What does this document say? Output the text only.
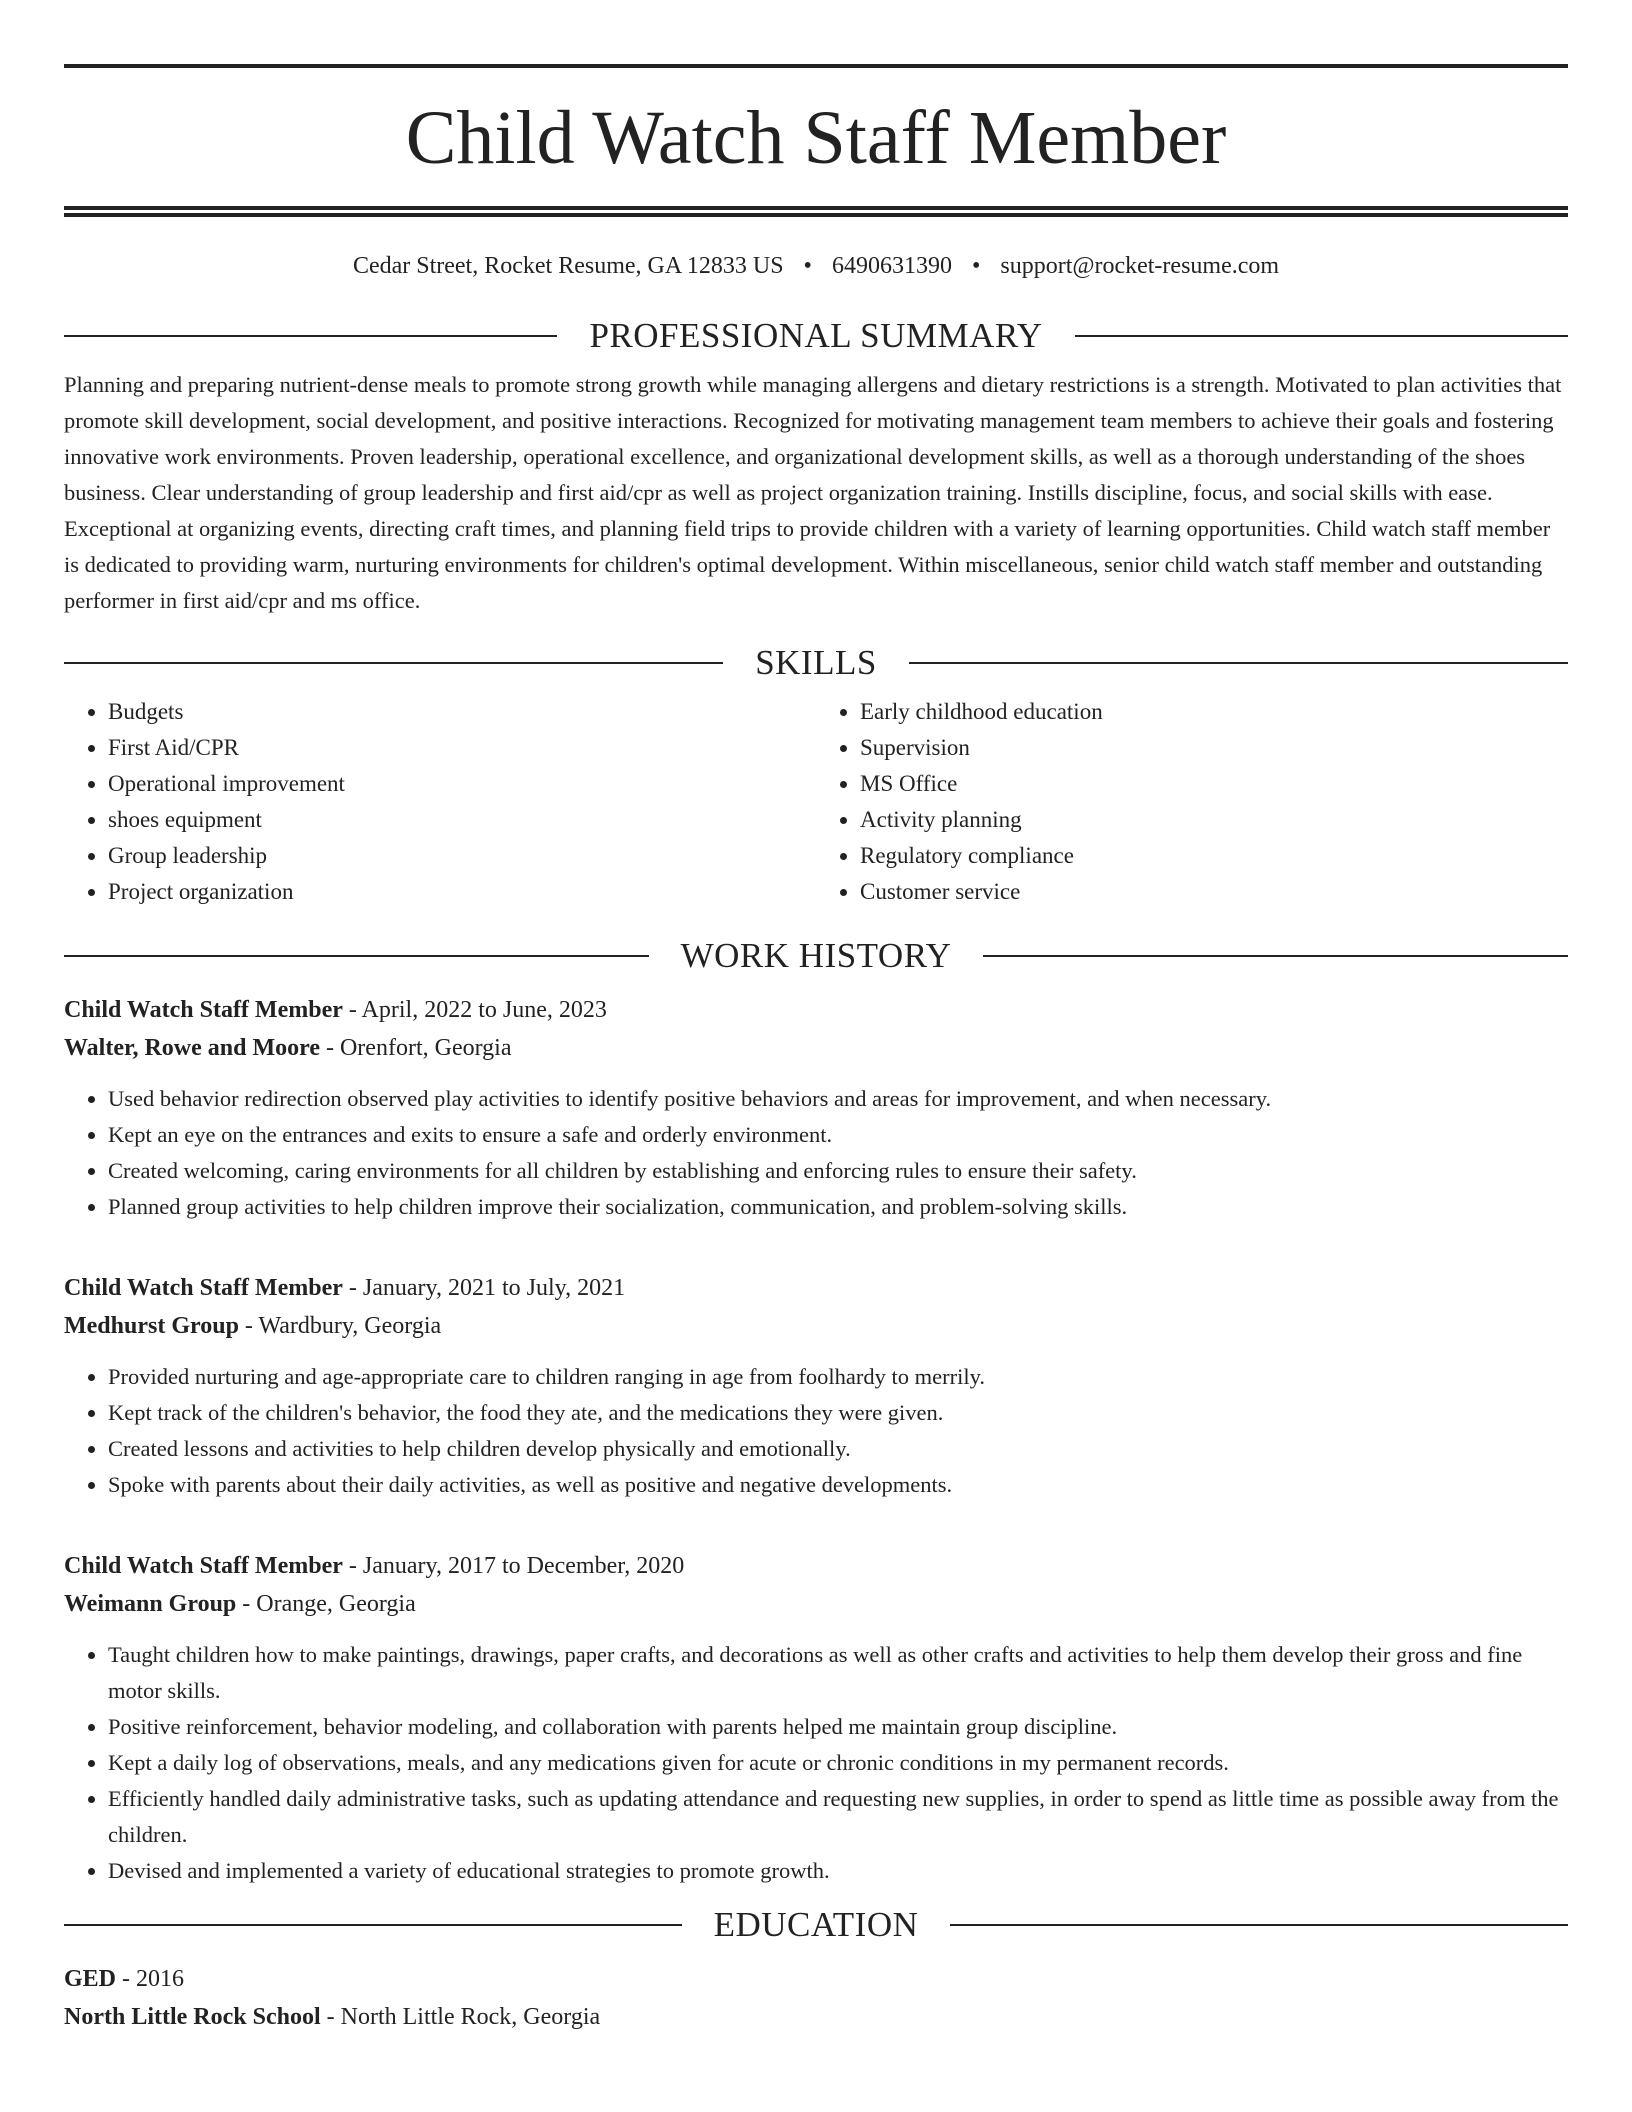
Child Watch Staff Member
Cedar Street, Rocket Resume, GA 12833 US • 6490631390 • support@rocket-resume.com
PROFESSIONAL SUMMARY

Planning and preparing nutrient-dense meals to promote strong growth while managing allergens and dietary restrictions is a strength. Motivated to plan activities that promote skill development, social development, and positive interactions. Recognized for motivating management team members to achieve their goals and fostering innovative work environments. Proven leadership, operational excellence, and organizational development skills, as well as a thorough understanding of the shoes business. Clear understanding of group leadership and first aid/cpr as well as project organization training. Instills discipline, focus, and social skills with ease. Exceptional at organizing events, directing craft times, and planning field trips to provide children with a variety of learning opportunities. Child watch staff member is dedicated to providing warm, nurturing environments for children's optimal development. Within miscellaneous, senior child watch staff member and outstanding performer in first aid/cpr and ms office.

SKILLS
• Budgets
• First Aid/CPR
• Operational improvement
• shoes equipment
• Group leadership
• Project organization
• Early childhood education
• Supervision
• MS Office
• Activity planning
• Regulatory compliance
• Customer service
WORK HISTORY
Child Watch Staff Member - April, 2022 to June, 2023
Walter, Rowe and Moore - Orenfort, Georgia
• Used behavior redirection observed play activities to identify positive behaviors and areas for improvement, and when necessary.
• Kept an eye on the entrances and exits to ensure a safe and orderly environment.
• Created welcoming, caring environments for all children by establishing and enforcing rules to ensure their safety.
• Planned group activities to help children improve their socialization, communication, and problem-solving skills.
Child Watch Staff Member - January, 2021 to July, 2021
Medhurst Group - Wardbury, Georgia
• Provided nurturing and age-appropriate care to children ranging in age from foolhardy to merrily.
• Kept track of the children's behavior, the food they ate, and the medications they were given.
• Created lessons and activities to help children develop physically and emotionally.
• Spoke with parents about their daily activities, as well as positive and negative developments.
Child Watch Staff Member - January, 2017 to December, 2020
Weimann Group - Orange, Georgia
• Taught children how to make paintings, drawings, paper crafts, and decorations as well as other crafts and activities to help them develop their gross and fine motor skills.
• Positive reinforcement, behavior modeling, and collaboration with parents helped me maintain group discipline.
• Kept a daily log of observations, meals, and any medications given for acute or chronic conditions in my permanent records.
• Efficiently handled daily administrative tasks, such as updating attendance and requesting new supplies, in order to spend as little time as possible away from the children.
• Devised and implemented a variety of educational strategies to promote growth.
EDUCATION
GED - 2016
North Little Rock School - North Little Rock, Georgia
